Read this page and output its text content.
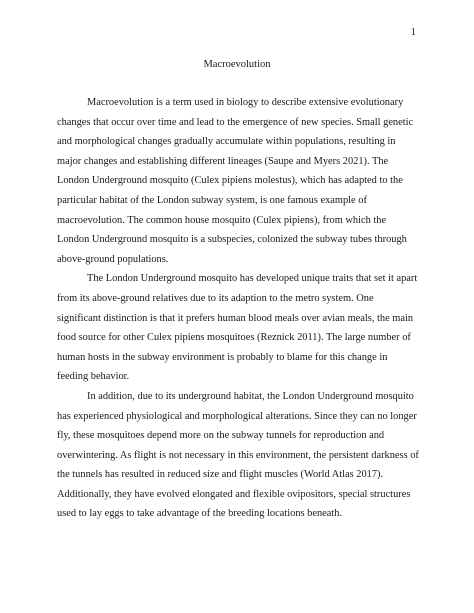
1
Macroevolution

Macroevolution is a term used in biology to describe extensive evolutionary changes that occur over time and lead to the emergence of new species. Small genetic and morphological changes gradually accumulate within populations, resulting in major changes and establishing different lineages (Saupe and Myers 2021). The London Underground mosquito (Culex pipiens molestus), which has adapted to the particular habitat of the London subway system, is one famous example of macroevolution. The common house mosquito (Culex pipiens), from which the London Underground mosquito is a subspecies, colonized the subway tubes through above-ground populations.

The London Underground mosquito has developed unique traits that set it apart from its above-ground relatives due to its adaption to the metro system. One significant distinction is that it prefers human blood meals over avian meals, the main food source for other Culex pipiens mosquitoes (Reznick 2011). The large number of human hosts in the subway environment is probably to blame for this change in feeding behavior.

In addition, due to its underground habitat, the London Underground mosquito has experienced physiological and morphological alterations. Since they can no longer fly, these mosquitoes depend more on the subway tunnels for reproduction and overwintering. As flight is not necessary in this environment, the persistent darkness of the tunnels has resulted in reduced size and flight muscles (World Atlas 2017). Additionally, they have evolved elongated and flexible ovipositors, special structures used to lay eggs to take advantage of the breeding locations beneath.
